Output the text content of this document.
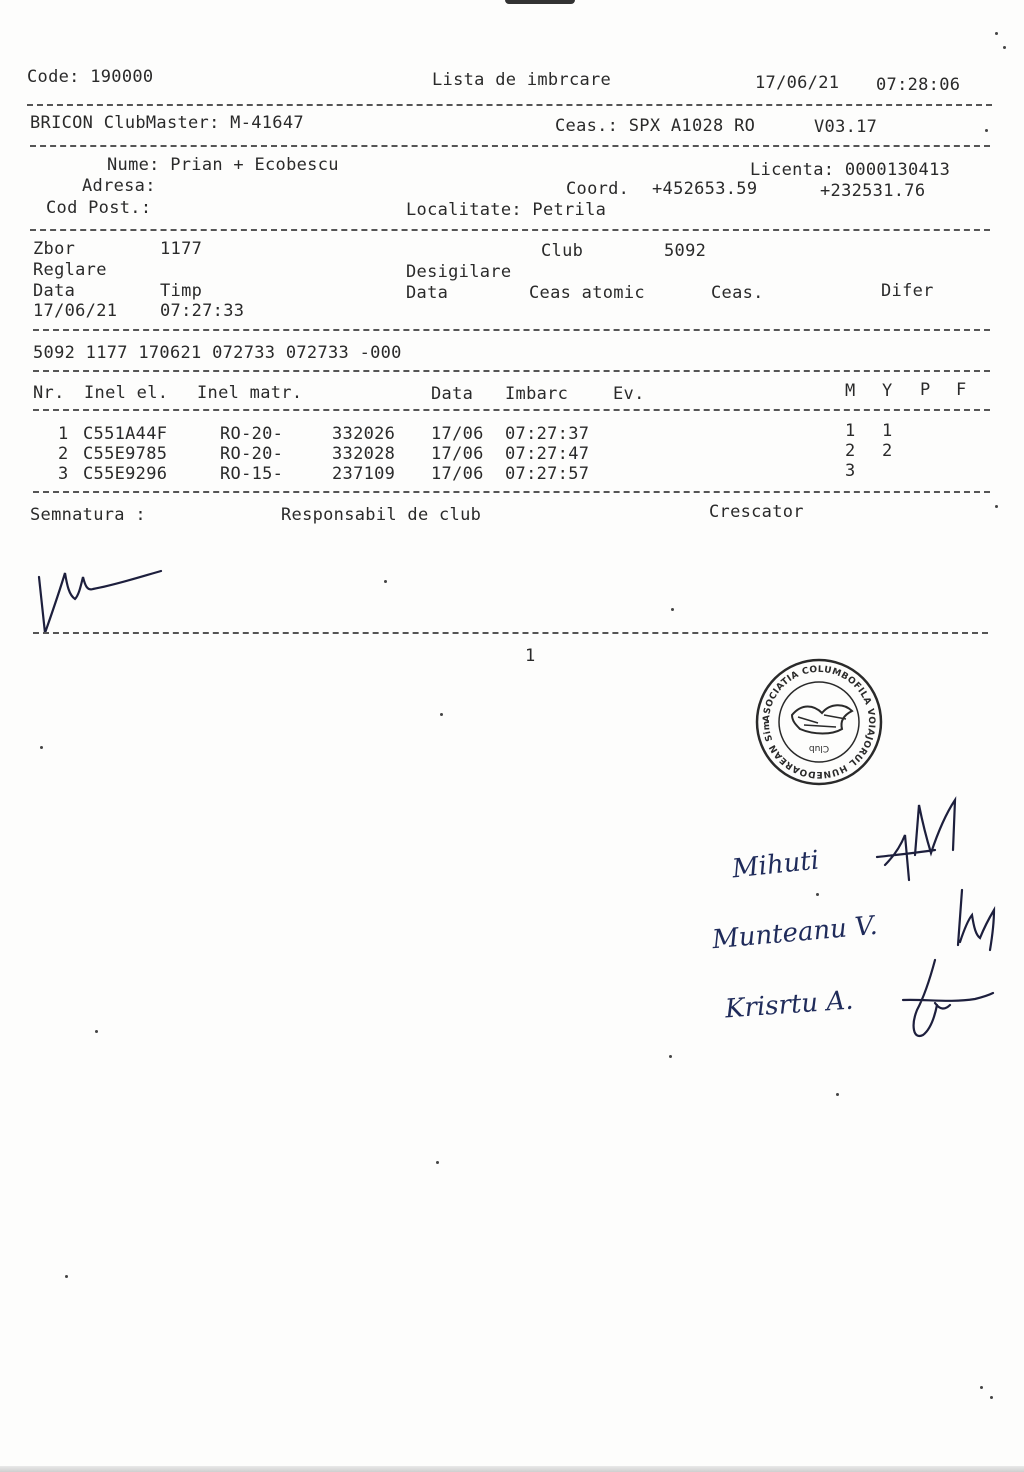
Code: 190000	Lista de imbrcare	17/06/21 07:28:06
BRICON ClubMaster: M-41647	Ceas.: SPX A1028 RO	V03.17
Nume: Prian + Ecobescu	Licenta: 0000130413
Adresa:	Coord. +452653.59	+232531.76
Cod Post.:	Localitate: Petrila
Zbor	1177	Club	5092
Reglare	Desigilare
Data	Timp	Data	Ceas atomic	Ceas.	Difer
17/06/21	07:27:33
5092 1177 170621 072733 072733 -000
Nr. Inel el. Inel matr.	Data Imbarc	Ev.	M Y P F
1 C551A44F	RO-20-	332026 17/06 07:27:37	1 1
2 C55E9785	RO-20-	332028 17/06 07:27:47	2 2
3 C55E9296	RO-15-	237109 17/06 07:27:57	3
Semnatura :	Responsabil de club	Crescator
1
ASOCIATIA COLUMBOFILA VOIAJORUL HUNEDOAREAN Simeria
Club
Mihuti
Munteanu V.
Krisrtu A.
